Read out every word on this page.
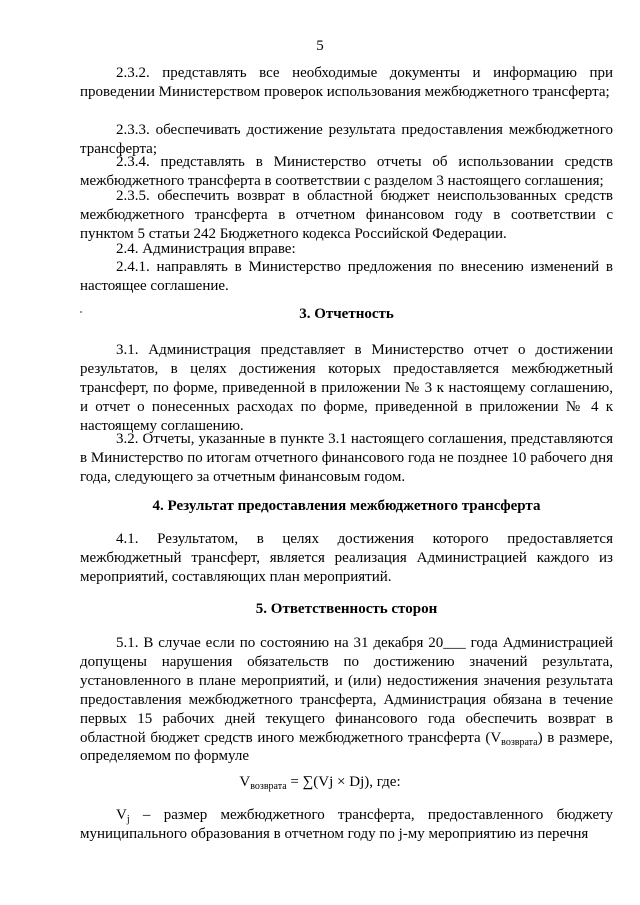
5
2.3.2. представлять все необходимые документы и информацию при проведении Министерством проверок использования межбюджетного трансферта;
2.3.3. обеспечивать достижение результата предоставления межбюджетного трансферта;
2.3.4. представлять в Министерство отчеты об использовании средств межбюджетного трансферта в соответствии с разделом 3 настоящего соглашения;
2.3.5. обеспечить возврат в областной бюджет неиспользованных средств межбюджетного трансферта в отчетном финансовом году в соответствии с пунктом 5 статьи 242 Бюджетного кодекса Российской Федерации.
2.4. Администрация вправе:
2.4.1. направлять в Министерство предложения по внесению изменений в настоящее соглашение.
3. Отчетность
3.1. Администрация представляет в Министерство отчет о достижении результатов, в целях достижения которых предоставляется межбюджетный трансферт, по форме, приведенной в приложении № 3 к настоящему соглашению, и отчет о понесенных расходах по форме, приведенной в приложении № 4 к настоящему соглашению.
3.2. Отчеты, указанные в пункте 3.1 настоящего соглашения, представляются в Министерство по итогам отчетного финансового года не позднее 10 рабочего дня года, следующего за отчетным финансовым годом.
4. Результат предоставления межбюджетного трансферта
4.1. Результатом, в целях достижения которого предоставляется межбюджетный трансферт, является реализация Администрацией каждого из мероприятий, составляющих план мероприятий.
5. Ответственность сторон
5.1. В случае если по состоянию на 31 декабря 20___ года Администрацией допущены нарушения обязательств по достижению значений результата, установленного в плане мероприятий, и (или) недостижения значения результата предоставления межбюджетного трансферта, Администрация обязана в течение первых 15 рабочих дней текущего финансового года обеспечить возврат в областной бюджет средств иного межбюджетного трансферта $(V_{возврата})$ в размере, определяемом по формуле
$V_{возврата} = \sum(Vj \times Dj)$, где:
$V_j$ – размер межбюджетного трансферта, предоставленного бюджету муниципального образования в отчетном году по j-му мероприятию из перечня
